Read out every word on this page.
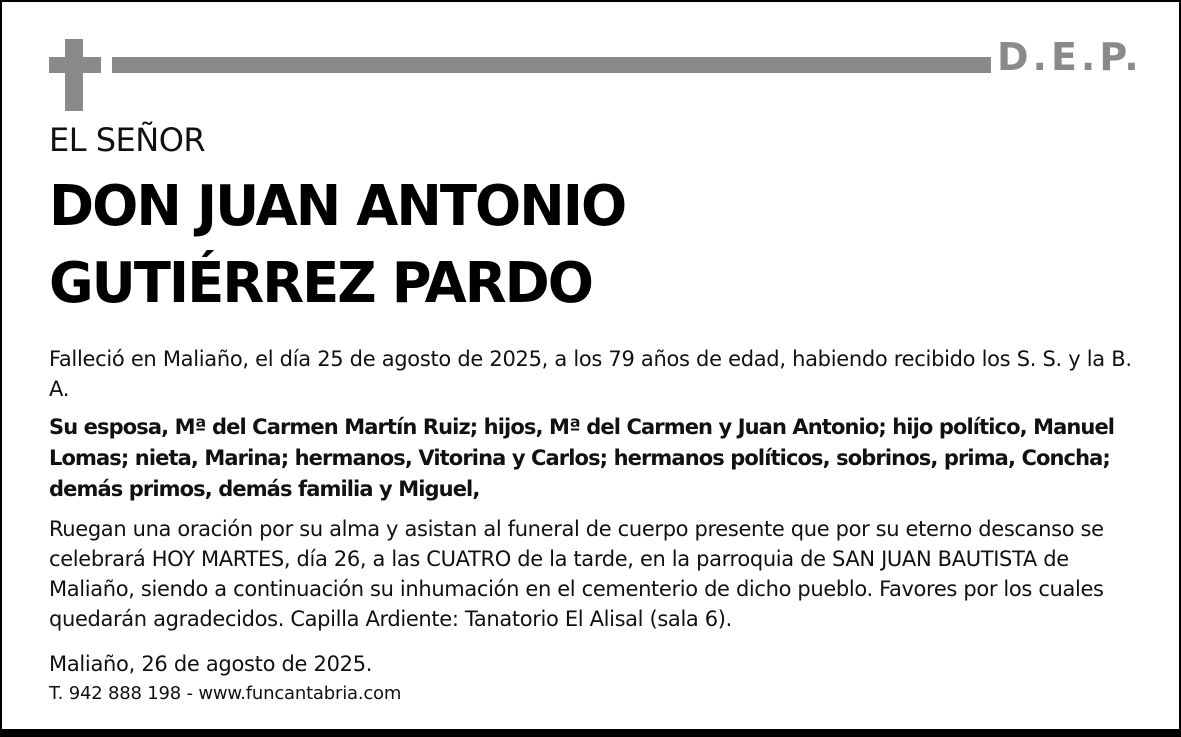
D.E.P.
EL SEÑOR
DON JUAN ANTONIO
GUTIÉRREZ PARDO

Falleció en Maliaño, el día 25 de agosto de 2025, a los 79 años de edad, habiendo recibido los S. S. y la B. A.

Su esposa, Mª del Carmen Martín Ruiz; hijos, Mª del Carmen y Juan Antonio; hijo político, Manuel Lomas; nieta, Marina; hermanos, Vitorina y Carlos; hermanos políticos, sobrinos, prima, Concha; demás primos, demás familia y Miguel,

Ruegan una oración por su alma y asistan al funeral de cuerpo presente que por su eterno descanso se celebrará HOY MARTES, día 26, a las CUATRO de la tarde, en la parroquia de SAN JUAN BAUTISTA de Maliaño, siendo a continuación su inhumación en el cementerio de dicho pueblo. Favores por los cuales quedarán agradecidos. Capilla Ardiente: Tanatorio El Alisal (sala 6).

Maliaño, 26 de agosto de 2025.
T. 942 888 198 - www.funcantabria.com
